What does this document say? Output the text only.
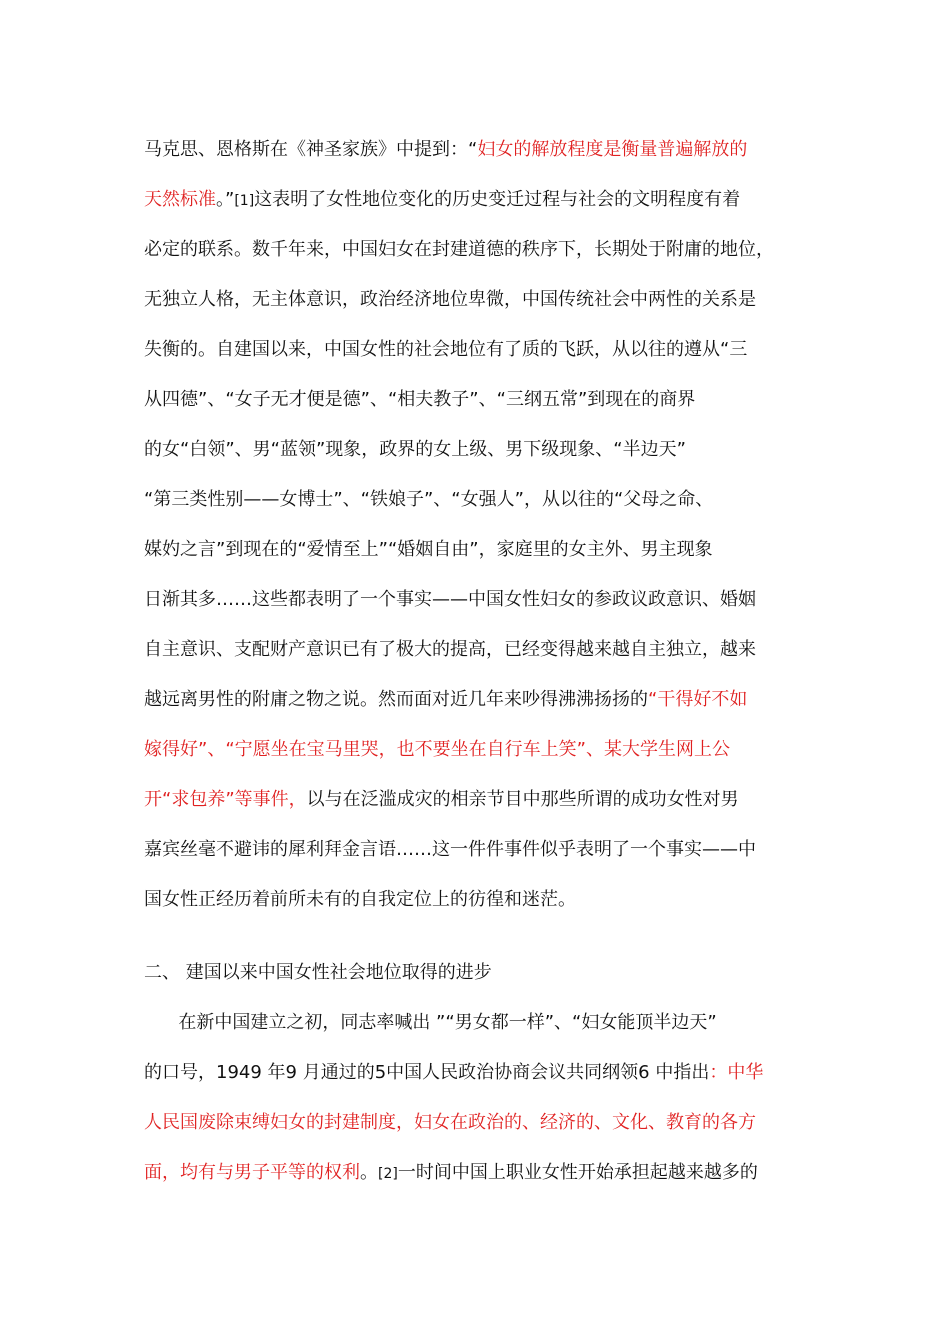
马克思、恩格斯在《神圣家族》中提到：“妇女的解放程度是衡量普遍解放的
天然标准。”[1]这表明了女性地位变化的历史变迁过程与社会的文明程度有着
必定的联系。数千年来，中国妇女在封建道德的秩序下，长期处于附庸的地位，
无独立人格，无主体意识，政治经济地位卑微，中国传统社会中两性的关系是
失衡的。自建国以来，中国女性的社会地位有了质的飞跃，从以往的遵从“三
从四德”、“女子无才便是德”、“相夫教子”、“三纲五常”到现在的商界
的女“白领”、男“蓝领”现象，政界的女上级、男下级现象、“半边天”
“第三类性别——女博士”、“铁娘子”、“女强人”，从以往的“父母之命、
媒妁之言”到现在的“爱情至上”“婚姻自由”，家庭里的女主外、男主现象
日渐其多……这些都表明了一个事实——中国女性妇女的参政议政意识、婚姻
自主意识、支配财产意识已有了极大的提高，已经变得越来越自主独立，越来
越远离男性的附庸之物之说。然而面对近几年来吵得沸沸扬扬的“干得好不如
嫁得好”、“宁愿坐在宝马里哭，也不要坐在自行车上笑”、某大学生网上公
开“求包养”等事件，以与在泛滥成灾的相亲节目中那些所谓的成功女性对男
嘉宾丝毫不避讳的犀利拜金言语……这一件件事件似乎表明了一个事实——中
国女性正经历着前所未有的自我定位上的彷徨和迷茫。
二、 建国以来中国女性社会地位取得的进步
在新中国建立之初，同志率喊出 ”“男女都一样”、“妇女能顶半边天”
的口号，1949 年9 月通过的5中国人民政治协商会议共同纲领6 中指出：中华
人民国废除束缚妇女的封建制度，妇女在政治的、经济的、文化、教育的各方
面，均有与男子平等的权利。[2]一时间中国上职业女性开始承担起越来越多的
